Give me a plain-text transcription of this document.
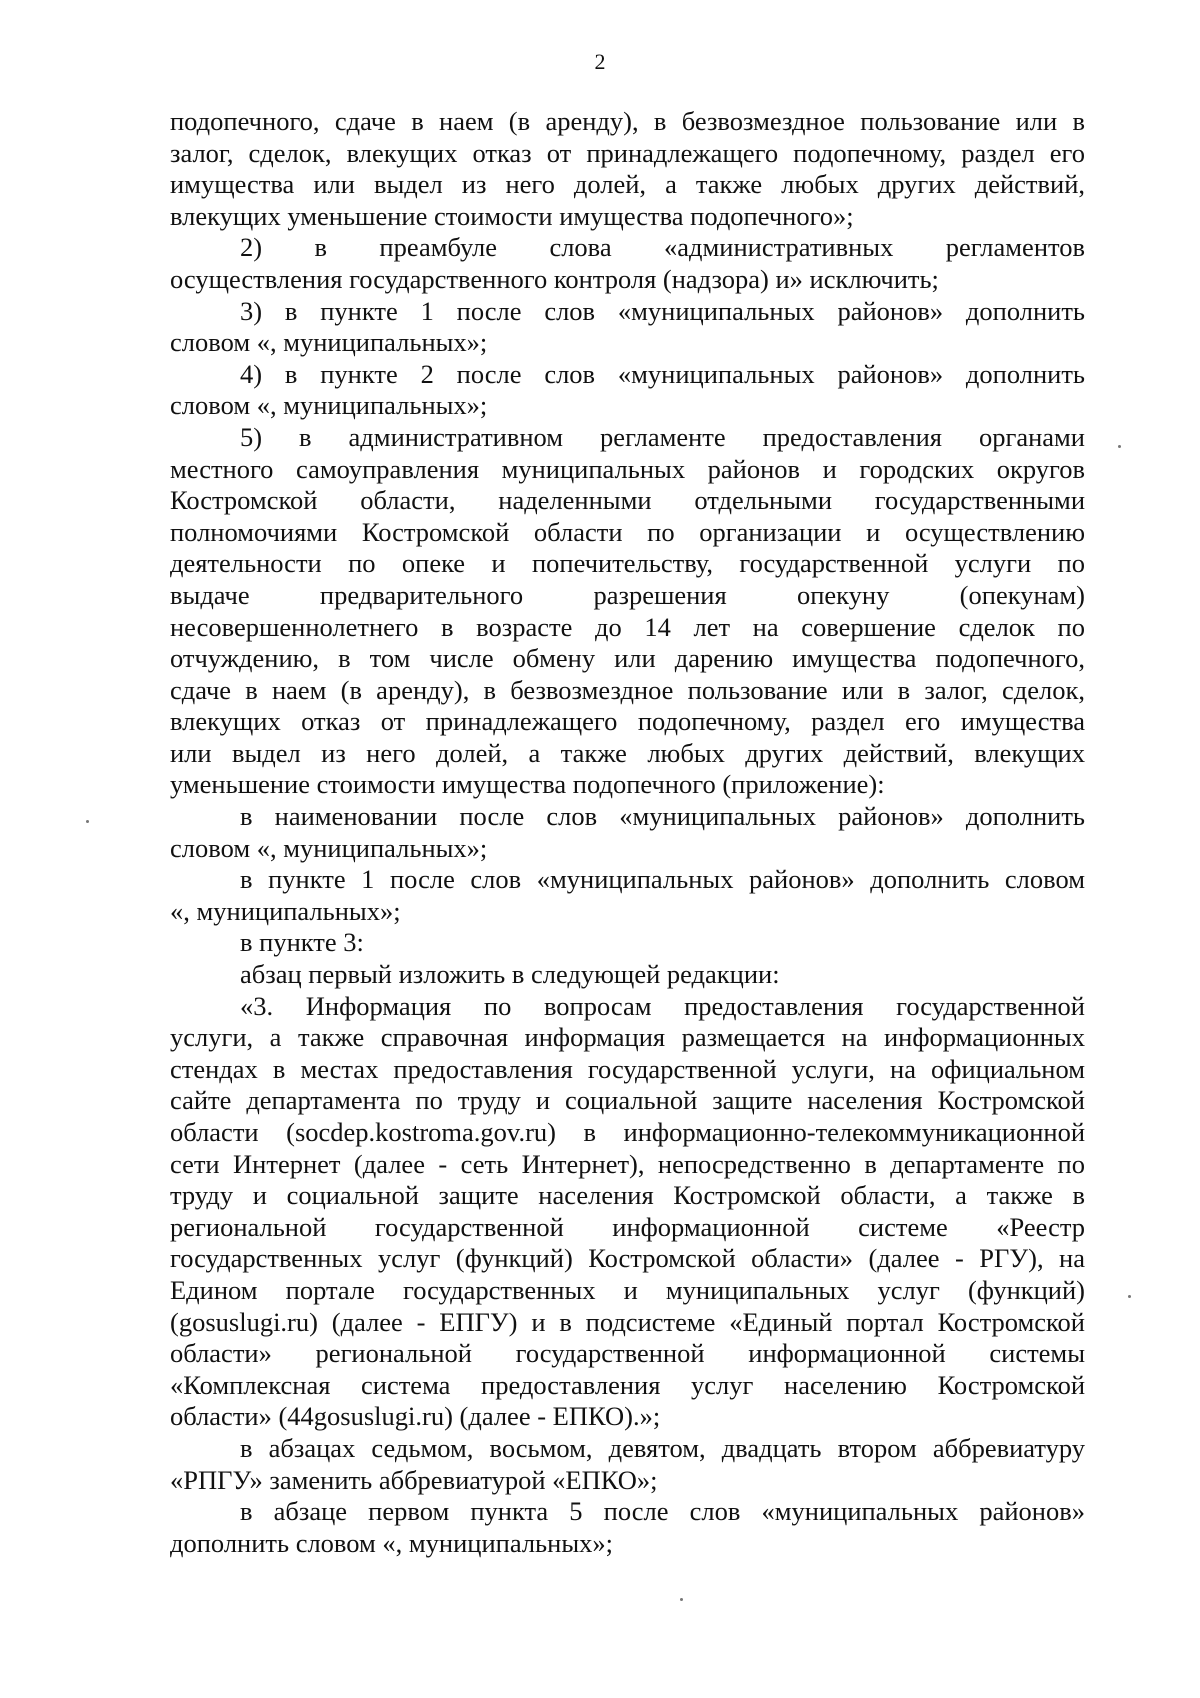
2
подопечного, сдаче в наем (в аренду), в безвозмездное пользование или в
залог, сделок, влекущих отказ от принадлежащего подопечному, раздел его
имущества или выдел из него долей, а также любых других действий,
влекущих уменьшение стоимости имущества подопечного»;
2) в преамбуле слова «административных регламентов
осуществления государственного контроля (надзора) и» исключить;
3) в пункте 1 после слов «муниципальных районов» дополнить
словом «, муниципальных»;
4) в пункте 2 после слов «муниципальных районов» дополнить
словом «, муниципальных»;
5) в административном регламенте предоставления органами
местного самоуправления муниципальных районов и городских округов
Костромской области, наделенными отдельными государственными
полномочиями Костромской области по организации и осуществлению
деятельности по опеке и попечительству, государственной услуги по
выдаче предварительного разрешения опекуну (опекунам)
несовершеннолетнего в возрасте до 14 лет на совершение сделок по
отчуждению, в том числе обмену или дарению имущества подопечного,
сдаче в наем (в аренду), в безвозмездное пользование или в залог, сделок,
влекущих отказ от принадлежащего подопечному, раздел его имущества
или выдел из него долей, а также любых других действий, влекущих
уменьшение стоимости имущества подопечного (приложение):
в наименовании после слов «муниципальных районов» дополнить
словом «, муниципальных»;
в пункте 1 после слов «муниципальных районов» дополнить словом
«, муниципальных»;
в пункте 3:
абзац первый изложить в следующей редакции:
«3. Информация по вопросам предоставления государственной
услуги, а также справочная информация размещается на информационных
стендах в местах предоставления государственной услуги, на официальном
сайте департамента по труду и социальной защите населения Костромской
области (socdep.kostroma.gov.ru) в информационно-телекоммуникационной
сети Интернет (далее - сеть Интернет), непосредственно в департаменте по
труду и социальной защите населения Костромской области, а также в
региональной государственной информационной системе «Реестр
государственных услуг (функций) Костромской области» (далее - РГУ), на
Едином портале государственных и муниципальных услуг (функций)
(gosuslugi.ru) (далее - ЕПГУ) и в подсистеме «Единый портал Костромской
области» региональной государственной информационной системы
«Комплексная система предоставления услуг населению Костромской
области» (44gosuslugi.ru) (далее - ЕПКО).»;
в абзацах седьмом, восьмом, девятом, двадцать втором аббревиатуру
«РПГУ» заменить аббревиатурой «ЕПКО»;
в абзаце первом пункта 5 после слов «муниципальных районов»
дополнить словом «, муниципальных»;
